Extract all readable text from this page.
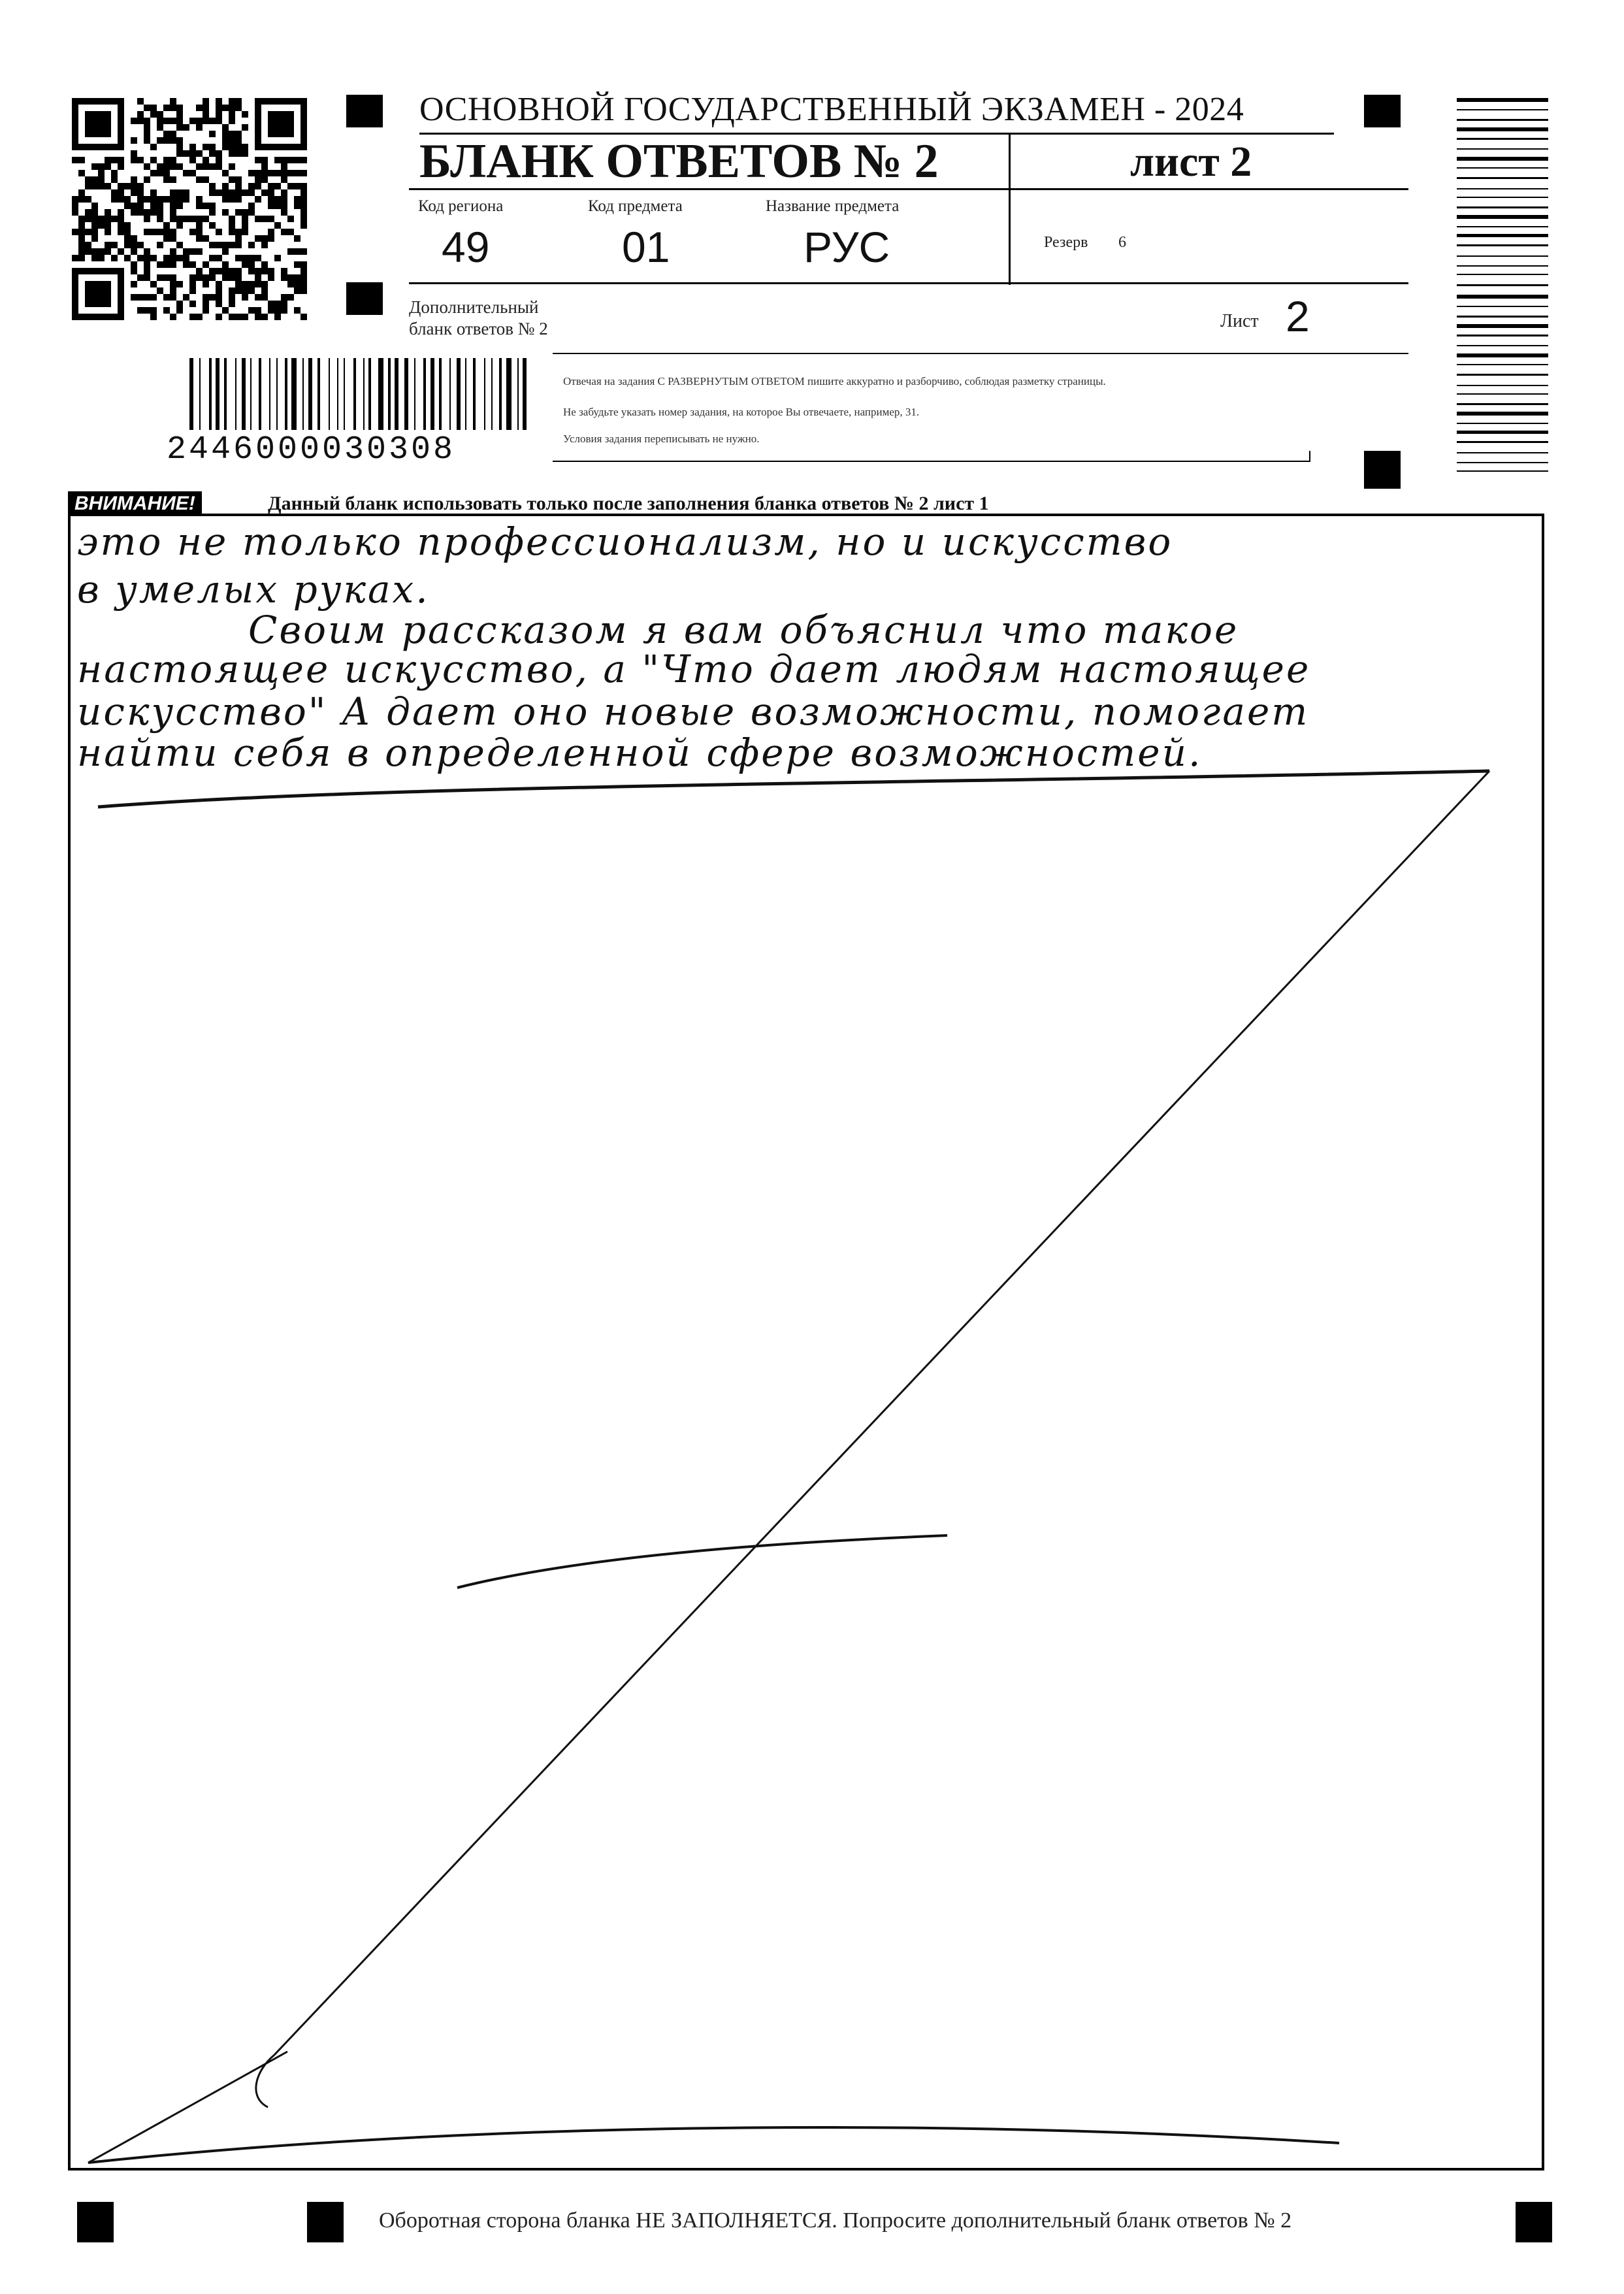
ОСНОВНОЙ ГОСУДАРСТВЕННЫЙ ЭКЗАМЕН - 2024
БЛАНК ОТВЕТОВ № 2	лист 2
Код региона
49
Код предмета
01
Название предмета
РУС	Резерв 6
Дополнительный
бланк ответов № 2	Лист 2
Отвечая на задания С РАЗВЕРНУТЫМ ОТВЕТОМ пишите аккуратно и разборчиво, соблюдая разметку страницы.
Не забудьте указать номер задания, на которое Вы отвечаете, например, 31.
Условия задания переписывать не нужно.
2446000030308
ВНИМАНИЕ!	Данный бланк использовать только после заполнения бланка ответов № 2 лист 1
это не только профессионализм, но и искусство
в умелых руках.
Своим рассказом я вам объяснил что такое
настоящее искусство, а "Что дает людям настоящее
искусство" А дает оно новые возможности, помогает
найти себя в определенной сфере возможностей.
Оборотная сторона бланка НЕ ЗАПОЛНЯЕТСЯ. Попросите дополнительный бланк ответов № 2
